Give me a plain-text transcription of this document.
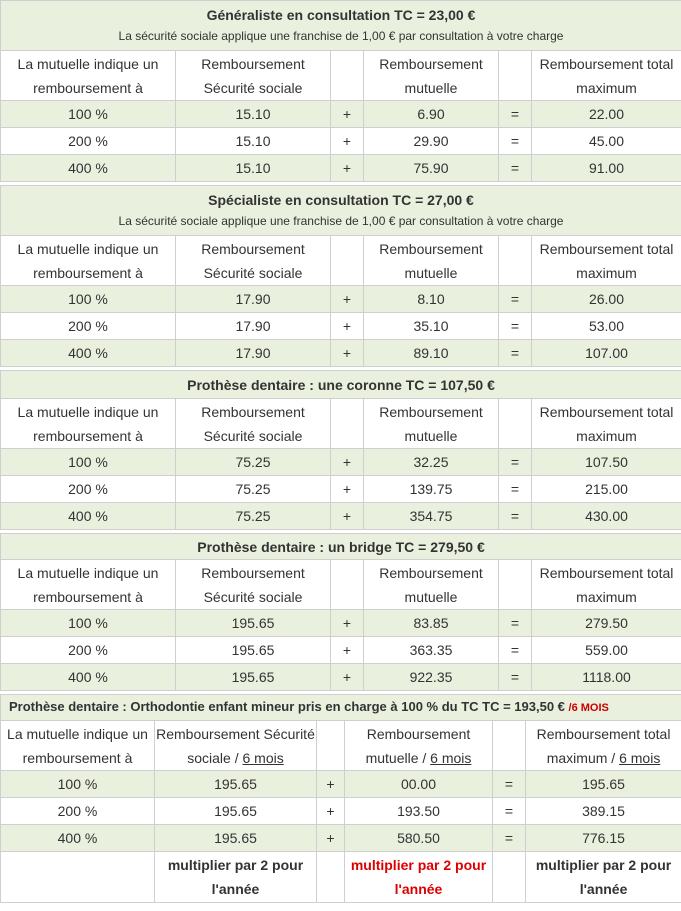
Généraliste en consultation TC = 23,00 €
La sécurité sociale applique une franchise de 1,00 € par consultation à votre charge					

La mutuelle indique un remboursement à	Remboursement Sécurité sociale		Remboursement mutuelle		Remboursement total maximum
100 %	15.10	+	6.90	=	22.00
200 %	15.10	+	29.90	=	45.00
400 %	15.10	+	75.90	=	91.00
Spécialiste en consultation TC = 27,00 €
La sécurité sociale applique une franchise de 1,00 € par consultation à votre charge					

La mutuelle indique un remboursement à	Remboursement Sécurité sociale		Remboursement mutuelle		Remboursement total maximum
100 %	17.90	+	8.10	=	26.00
200 %	17.90	+	35.10	=	53.00
400 %	17.90	+	89.10	=	107.00
Prothèse dentaire : une coronne TC = 107,50 €					

La mutuelle indique un remboursement à	Remboursement Sécurité sociale		Remboursement mutuelle		Remboursement total maximum
100 %	75.25	+	32.25	=	107.50
200 %	75.25	+	139.75	=	215.00
400 %	75.25	+	354.75	=	430.00
Prothèse dentaire : un bridge TC = 279,50 €					

La mutuelle indique un remboursement à	Remboursement Sécurité sociale		Remboursement mutuelle		Remboursement total maximum
100 %	195.65	+	83.85	=	279.50
200 %	195.65	+	363.35	=	559.00
400 %	195.65	+	922.35	=	1118.00
Prothèse dentaire : Orthodontie enfant mineur pris en charge à 100 % du TC TC = 193,50 € /6 MOIS					
La mutuelle indique un remboursement à	Remboursement Sécurité sociale / 6 mois		Remboursement mutuelle / 6 mois		Remboursement total maximum / 6 mois
100 %	195.65	+	00.00	=	195.65
200 %	195.65	+	193.50	=	389.15
400 %	195.65	+	580.50	=	776.15
	multiplier par 2 pour l'année		multiplier par 2 pour l'année		multiplier par 2 pour l'année
